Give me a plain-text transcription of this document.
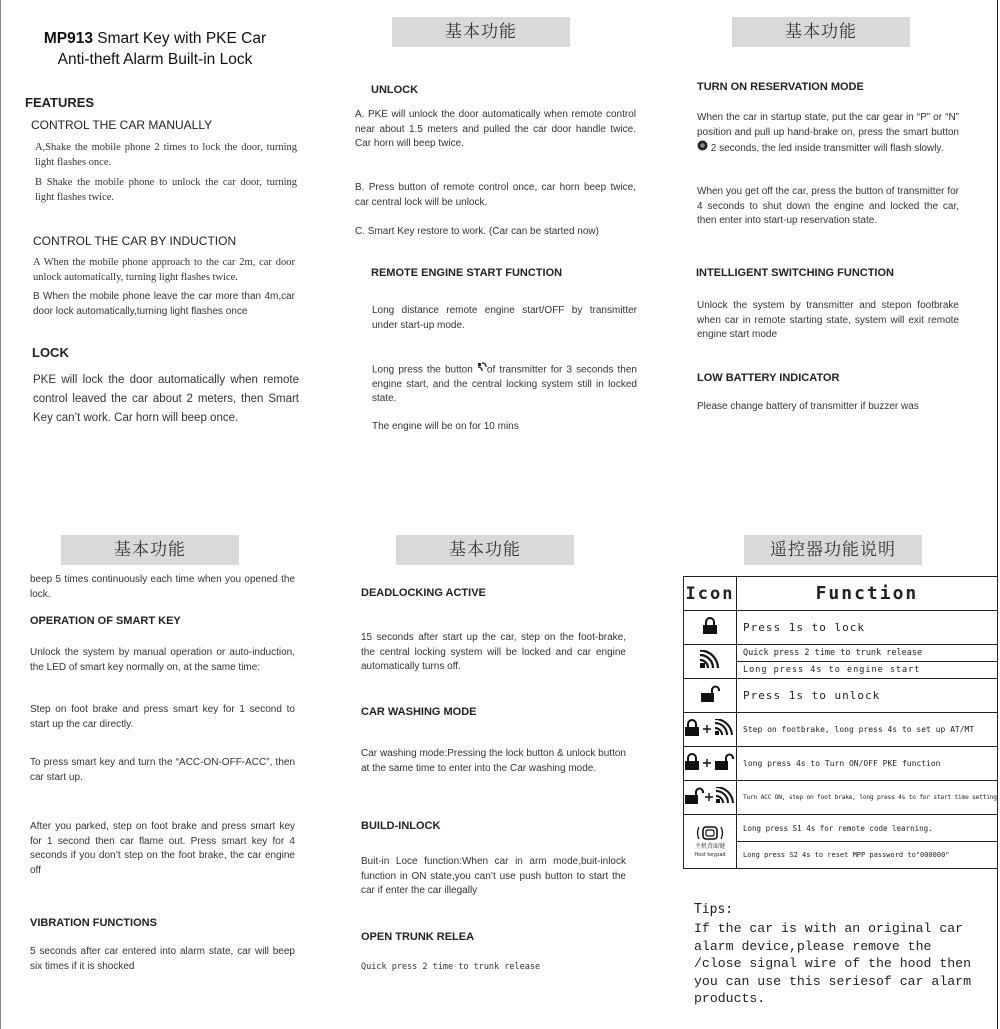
MP913 Smart Key with PKE Car
Anti-theft Alarm Built-in Lock
FEATURES
CONTROL THE CAR MANUALLY
A,Shake the mobile phone 2 times to lock the door, turning light flashes once.
B Shake the mobile phone to unlock the car door, turning light flashes twice.
CONTROL THE CAR BY INDUCTION
A When the mobile phone approach to the car 2m, car door unlock automatically, turning light flashes twice.
B When the mobile phone leave the car more than 4m,car door lock automatically,turning light flashes once
LOCK
PKE will lock the door automatically when remote control leaved the car about 2 meters, then Smart Key can’t work. Car horn will beep once.
基本功能
UNLOCK
A. PKE will unlock the door automatically when remote control near about 1.5 meters and pulled the car door handle twice. Car horn will beep twice.
B. Press button of remote control once, car horn beep twice, car central lock will be unlock.
C. Smart Key restore to work. (Car can be started now)
REMOTE ENGINE START FUNCTION
Long distance remote engine start/OFF by transmitter under start-up mode.
Long press the button of transmitter for 3 seconds then engine start, and the central locking system still in locked state.
The engine will be on for 10 mins
基本功能
TURN ON RESERVATION MODE
When the car in startup state, put the car gear in “P” or “N” position and pull up hand-brake on, press the smart button  2 seconds, the led inside transmitter will flash slowly.
When you get off the car, press the button of transmitter for 4 seconds to shut down the engine and locked the car, then enter into start-up reservation state.
INTELLIGENT SWITCHING FUNCTION
Unlock the system by transmitter and stepon footbrake when car in remote starting state, system will exit remote engine start mode
LOW BATTERY INDICATOR
Please change battery of transmitter if buzzer was
基本功能
beep 5 times continuously each time when you opened the lock.
OPERATION OF SMART KEY
Unlock the system by manual operation or auto-induction, the LED of smart key normally on, at the same time:
Step on foot brake and press smart key for 1 second to start up the car directly.
To press smart key and turn the “ACC-ON-OFF-ACC”, then car start up.
After you parked, step on foot brake and press smart key for 1 second then car flame out. Press smart key for 4 seconds if you don’t step on the foot brake, the car engine off
VIBRATION FUNCTIONS
5 seconds after car entered into alarm state, car will beep six times if it is shocked
基本功能
DEADLOCKING ACTIVE
15 seconds after start up the car, step on the foot-brake, the central locking system will be locked and car engine automatically turns off.
CAR WASHING MODE
Car washing mode:Pressing the lock button & unlock button at the same time to enter into the Car washing mode.
BUILD-INLOCK
Buit-in Loce function:When car in arm mode,buit-inlock function in ON state,you can’t use push button to start the car if enter the car illegally
OPEN TRUNK RELEA
Quick press 2 time to trunk release
遥控器功能说明
Icon	Function
	Press 1s to lock
	Quick press 2 time to trunk release
	Long press 4s to engine start
	Press 1s to unlock
	Step on footbrake, long press 4s to set up AT/MT
	long press 4s to Turn ON/OFF PKE function
	Turn ACC ON, step on foot brake, long press 4s to for start time setting

主机背面键
Host keypad	Long press S1 4s for remote code learning.
	Long press S2 4s to reset MPP password to"000000"
Tips:
If the car is with an original car alarm device,please remove the /close signal wire of the hood then you can use this seriesof car alarm products.
